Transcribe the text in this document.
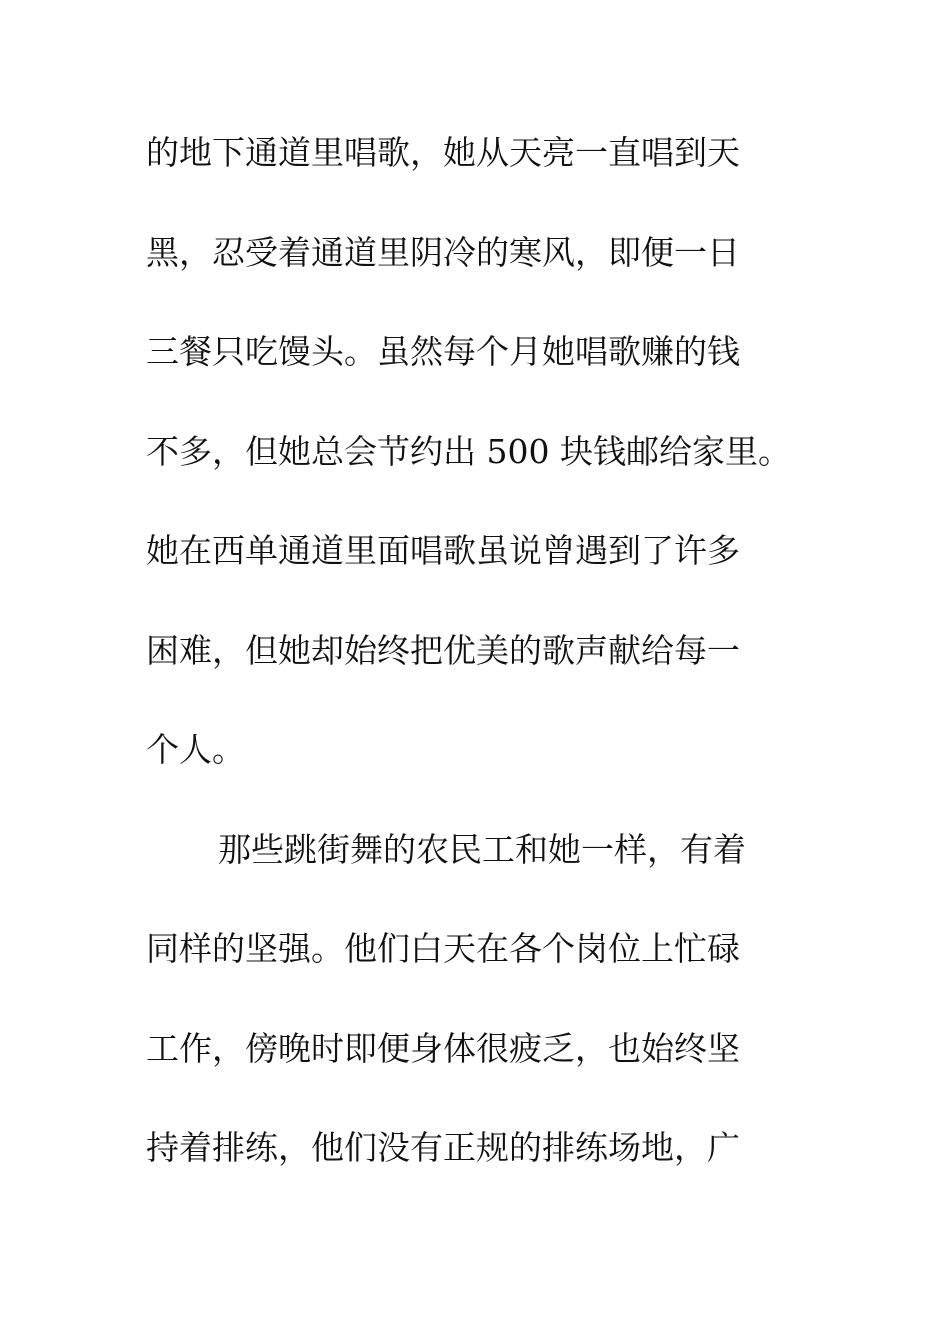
的地下通道里唱歌，她从天亮一直唱到天
黑，忍受着通道里阴冷的寒风，即便一日
三餐只吃馒头。虽然每个月她唱歌赚的钱
不多，但她总会节约出 500 块钱邮给家里。
她在西单通道里面唱歌虽说曾遇到了许多
困难，但她却始终把优美的歌声献给每一
个人。
那些跳街舞的农民工和她一样，有着
同样的坚强。他们白天在各个岗位上忙碌
工作，傍晚时即便身体很疲乏，也始终坚
持着排练，他们没有正规的排练场地，广
